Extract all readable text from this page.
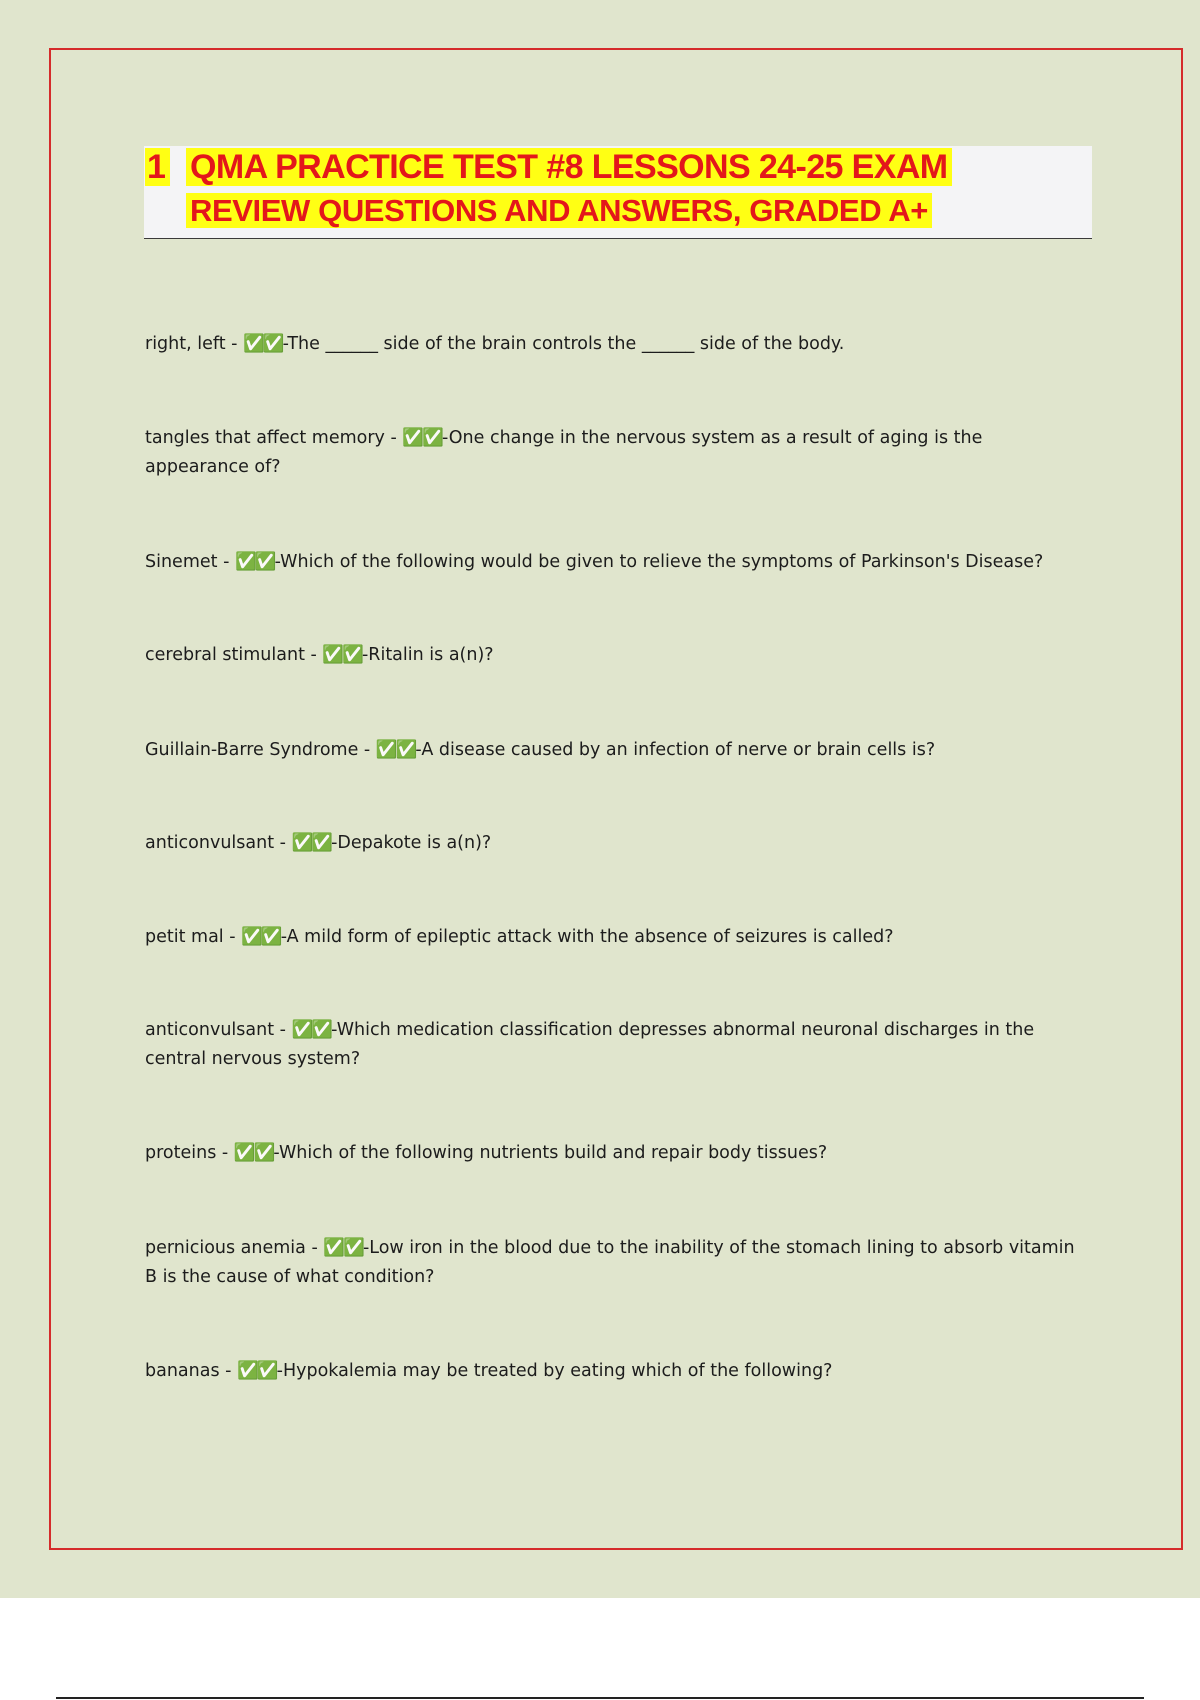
1 QMA PRACTICE TEST #8 LESSONS 24-25 EXAM
REVIEW QUESTIONS AND ANSWERS, GRADED A+
right, left - ✅✅-The ______ side of the brain controls the ______ side of the body.
tangles that affect memory - ✅✅-One change in the nervous system as a result of aging is the appearance of?
Sinemet - ✅✅-Which of the following would be given to relieve the symptoms of Parkinson's Disease?
cerebral stimulant - ✅✅-Ritalin is a(n)?
Guillain-Barre Syndrome - ✅✅-A disease caused by an infection of nerve or brain cells is?
anticonvulsant - ✅✅-Depakote is a(n)?
petit mal - ✅✅-A mild form of epileptic attack with the absence of seizures is called?
anticonvulsant - ✅✅-Which medication classification depresses abnormal neuronal discharges in the central nervous system?
proteins - ✅✅-Which of the following nutrients build and repair body tissues?
pernicious anemia - ✅✅-Low iron in the blood due to the inability of the stomach lining to absorb vitamin B is the cause of what condition?
bananas - ✅✅-Hypokalemia may be treated by eating which of the following?
